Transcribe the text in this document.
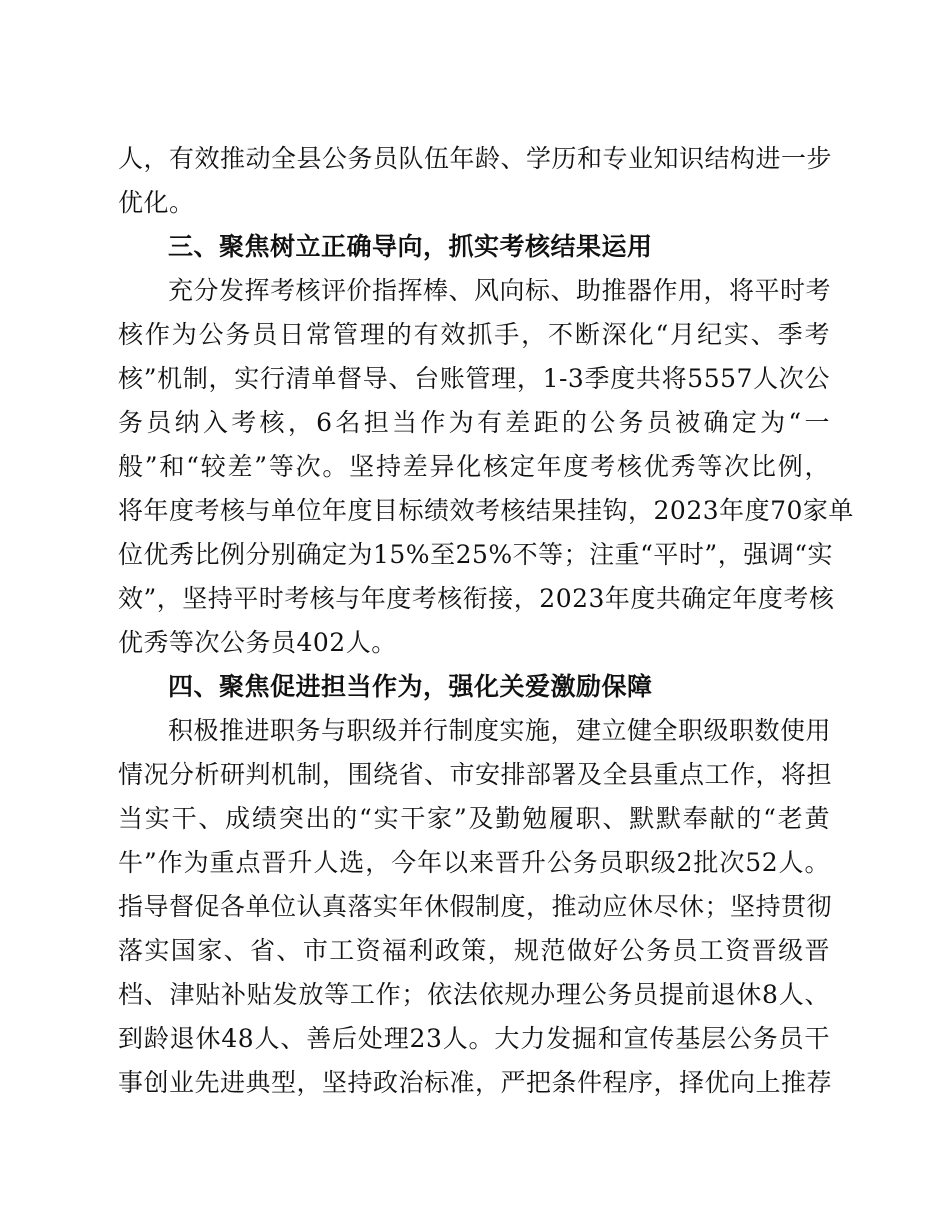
人，有效推动全县公务员队伍年龄、学历和专业知识结构进一步
优化。
三、聚焦树立正确导向，抓实考核结果运用
充分发挥考核评价指挥棒、风向标、助推器作用，将平时考
核作为公务员日常管理的有效抓手，不断深化“月纪实、季考
核”机制，实行清单督导、台账管理，1-3季度共将5557人次公
务员纳入考核，6名担当作为有差距的公务员被确定为“一
般”和“较差”等次。坚持差异化核定年度考核优秀等次比例，
将年度考核与单位年度目标绩效考核结果挂钩，2023年度70家单
位优秀比例分别确定为15%至25%不等；注重“平时”，强调“实
效”，坚持平时考核与年度考核衔接，2023年度共确定年度考核
优秀等次公务员402人。
四、聚焦促进担当作为，强化关爱激励保障
积极推进职务与职级并行制度实施，建立健全职级职数使用
情况分析研判机制，围绕省、市安排部署及全县重点工作，将担
当实干、成绩突出的“实干家”及勤勉履职、默默奉献的“老黄
牛”作为重点晋升人选，今年以来晋升公务员职级2批次52人。
指导督促各单位认真落实年休假制度，推动应休尽休；坚持贯彻
落实国家、省、市工资福利政策，规范做好公务员工资晋级晋
档、津贴补贴发放等工作；依法依规办理公务员提前退休8人、
到龄退休48人、善后处理23人。大力发掘和宣传基层公务员干
事创业先进典型，坚持政治标准，严把条件程序，择优向上推荐
